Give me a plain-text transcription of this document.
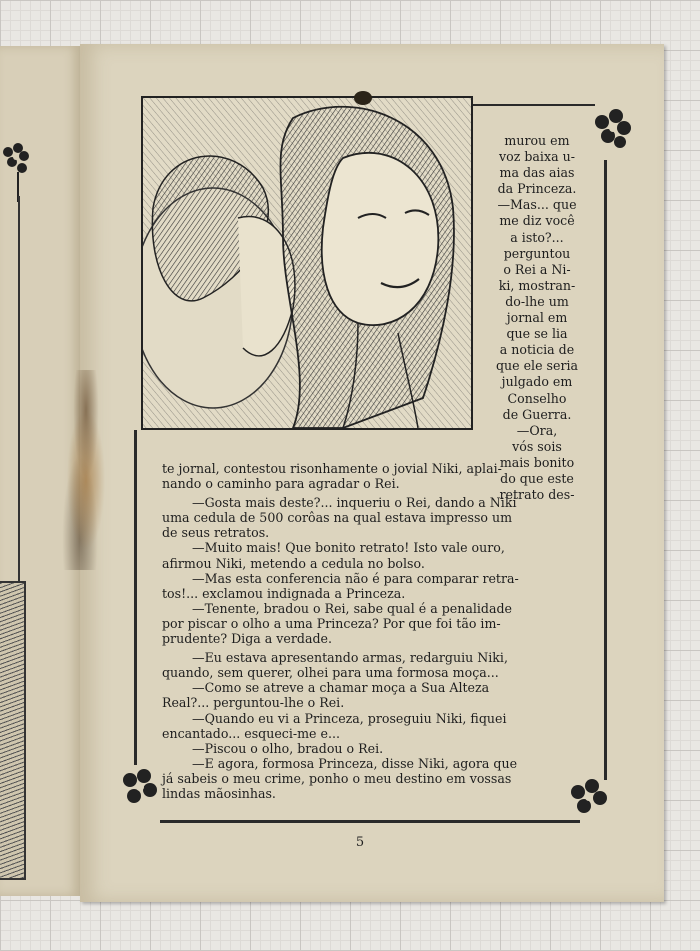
murou em
voz baixa u-
ma das aias
da Princeza.
—Mas... que
me diz você
a isto?...
perguntou
o Rei a Ni-
ki, mostran-
do-lhe um
jornal em
que se lia
a noticia de
que ele seria
julgado em
Conselho
de Guerra.
—Ora,
vós sois
mais bonito
do que este
retrato des-
te jornal, contestou risonhamente o jovial Niki, aplai-
nando o caminho para agradar o Rei.
—Gosta mais deste?... inqueriu o Rei, dando a Niki
uma cedula de 500 corôas na qual estava impresso um
de seus retratos.
—Muito mais! Que bonito retrato! Isto vale ouro,
afirmou Niki, metendo a cedula no bolso.
—Mas esta conferencia não é para comparar retra-
tos!... exclamou indignada a Princeza.
—Tenente, bradou o Rei, sabe qual é a penalidade
por piscar o olho a uma Princeza? Por que foi tão im-
prudente? Diga a verdade.
—Eu estava apresentando armas, redarguiu Niki,
quando, sem querer, olhei para uma formosa moça...
—Como se atreve a chamar moça a Sua Alteza
Real?... perguntou-lhe o Rei.
—Quando eu vi a Princeza, proseguiu Niki, fiquei
encantado... esqueci-me e...
—Piscou o olho, bradou o Rei.
—E agora, formosa Princeza, disse Niki, agora que
já sabeis o meu crime, ponho o meu destino em vossas
lindas mãosinhas.
5
